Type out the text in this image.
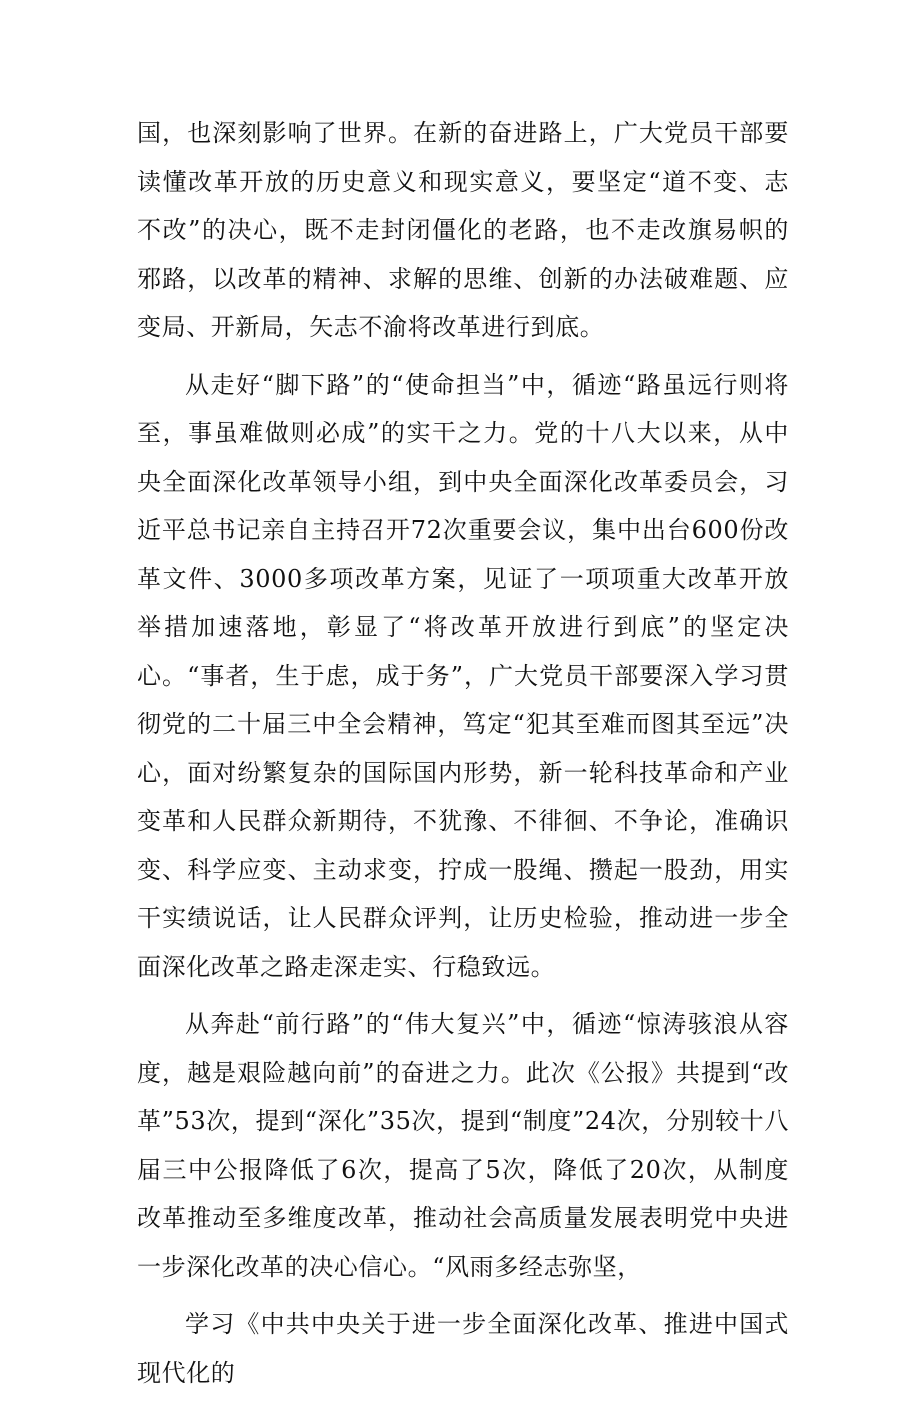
国，也深刻影响了世界。在新的奋进路上，广大党员干部要读懂改革开放的历史意义和现实意义，要坚定“道不变、志不改”的决心，既不走封闭僵化的老路，也不走改旗易帜的邪路，以改革的精神、求解的思维、创新的办法破难题、应变局、开新局，矢志不渝将改革进行到底。

从走好“脚下路”的“使命担当”中，循迹“路虽远行则将至，事虽难做则必成”的实干之力。党的十八大以来，从中央全面深化改革领导小组，到中央全面深化改革委员会，习近平总书记亲自主持召开72次重要会议，集中出台600份改革文件、3000多项改革方案，见证了一项项重大改革开放举措加速落地，彰显了“将改革开放进行到底”的坚定决心。“事者，生于虑，成于务”，广大党员干部要深入学习贯彻党的二十届三中全会精神，笃定“犯其至难而图其至远”决心，面对纷繁复杂的国际国内形势，新一轮科技革命和产业变革和人民群众新期待，不犹豫、不徘徊、不争论，准确识变、科学应变、主动求变，拧成一股绳、攒起一股劲，用实干实绩说话，让人民群众评判，让历史检验，推动进一步全面深化改革之路走深走实、行稳致远。

从奔赴“前行路”的“伟大复兴”中，循迹“惊涛骇浪从容度，越是艰险越向前”的奋进之力。此次《公报》共提到“改革”53次，提到“深化”35次，提到“制度”24次，分别较十八届三中公报降低了6次，提高了5次，降低了20次，从制度改革推动至多维度改革，推动社会高质量发展表明党中央进一步深化改革的决心信心。“风雨多经志弥坚，

学习《中共中央关于进一步全面深化改革、推进中国式现代化的
